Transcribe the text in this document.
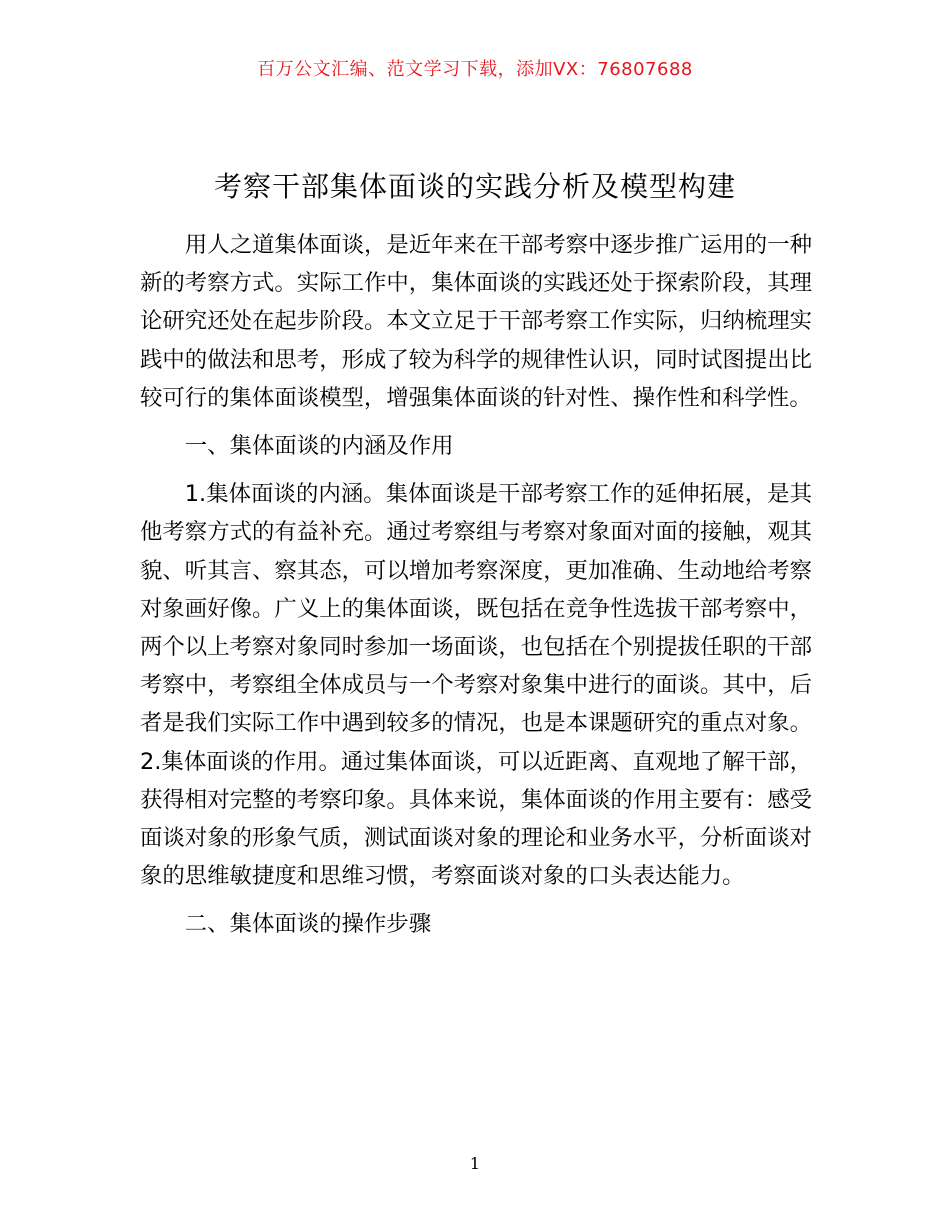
百万公文汇编、范文学习下载，添加VX：76807688
考察干部集体面谈的实践分析及模型构建

用人之道集体面谈，是近年来在干部考察中逐步推广运用的一种新的考察方式。实际工作中，集体面谈的实践还处于探索阶段，其理论研究还处在起步阶段。本文立足于干部考察工作实际，归纳梳理实践中的做法和思考，形成了较为科学的规律性认识，同时试图提出比较可行的集体面谈模型，增强集体面谈的针对性、操作性和科学性。

一、集体面谈的内涵及作用

1.集体面谈的内涵。集体面谈是干部考察工作的延伸拓展，是其他考察方式的有益补充。通过考察组与考察对象面对面的接触，观其貌、听其言、察其态，可以增加考察深度，更加准确、生动地给考察对象画好像。广义上的集体面谈，既包括在竞争性选拔干部考察中，两个以上考察对象同时参加一场面谈，也包括在个别提拔任职的干部考察中，考察组全体成员与一个考察对象集中进行的面谈。其中，后者是我们实际工作中遇到较多的情况，也是本课题研究的重点对象。2.集体面谈的作用。通过集体面谈，可以近距离、直观地了解干部，获得相对完整的考察印象。具体来说，集体面谈的作用主要有：感受面谈对象的形象气质，测试面谈对象的理论和业务水平，分析面谈对象的思维敏捷度和思维习惯，考察面谈对象的口头表达能力。

二、集体面谈的操作步骤

1
